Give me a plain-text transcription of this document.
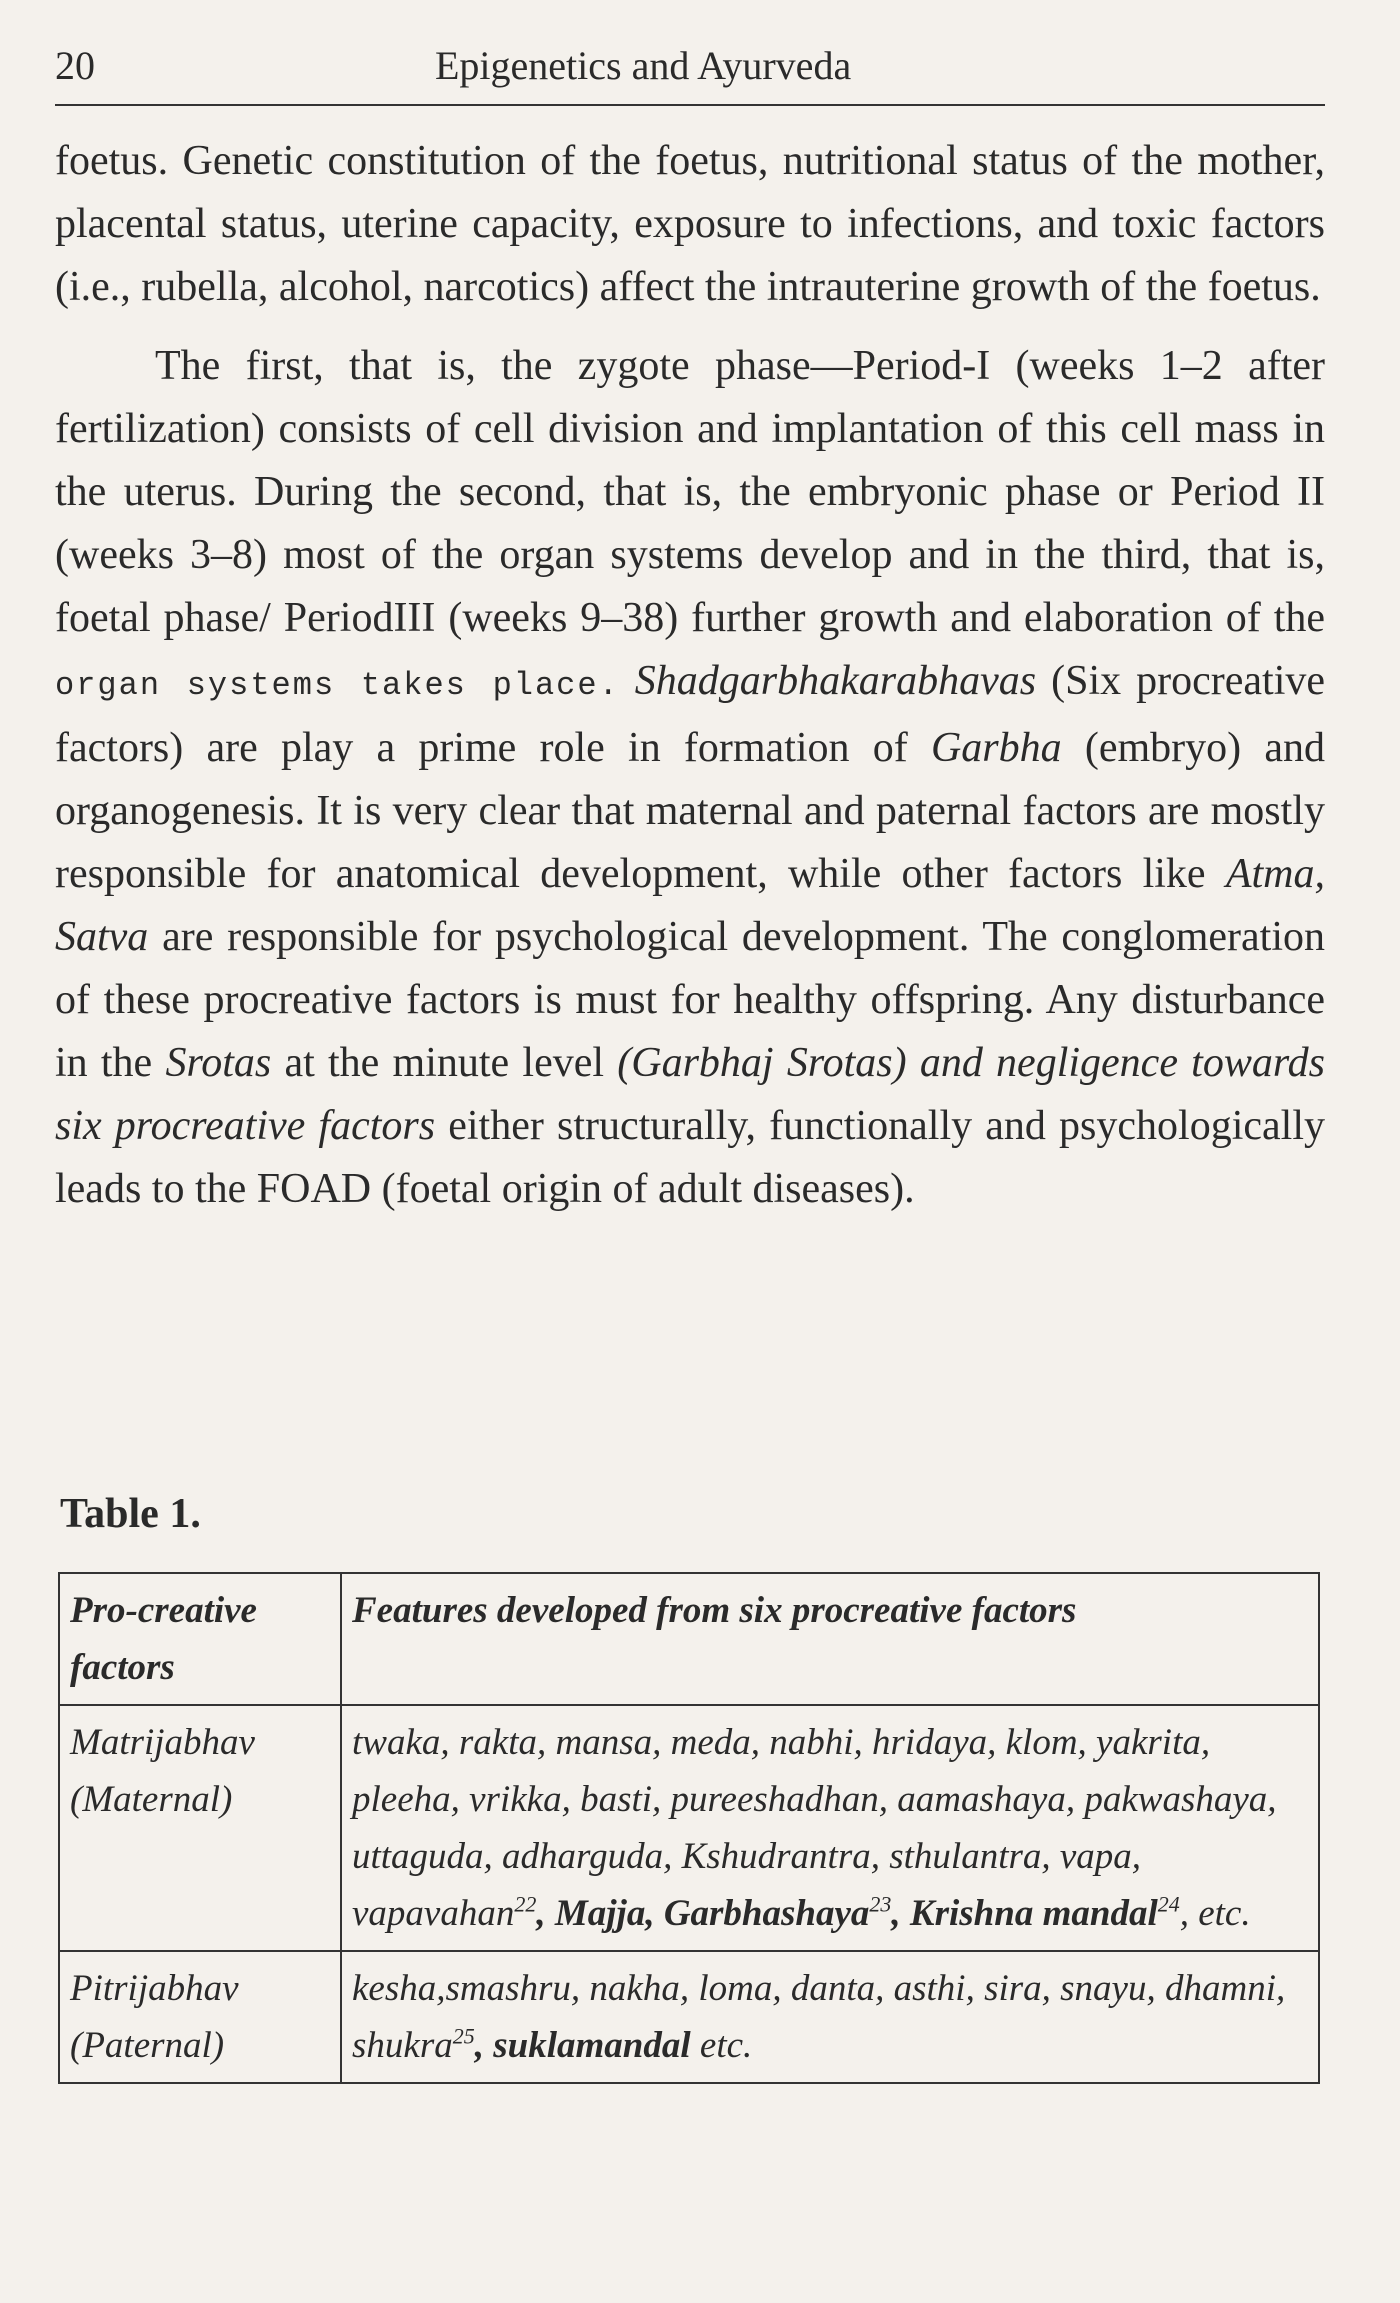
20	Epigenetics and Ayurveda

foetus. Genetic constitution of the foetus, nutritional status of the mother, placental status, uterine capacity, exposure to infections, and toxic factors (i.e., rubella, alcohol, narcotics) affect the intrauterine growth of the foetus.

The first, that is, the zygote phase—Period-I (weeks 1–2 after fertilization) consists of cell division and implantation of this cell mass in the uterus. During the second, that is, the embryonic phase or Period II (weeks 3–8) most of the organ systems develop and in the third, that is, foetal phase/ PeriodIII (weeks 9–38) further growth and elaboration of the organ systems takes place. Shadgarbhakarabhavas (Six procreative factors) are play a prime role in formation of Garbha (embryo) and organogenesis. It is very clear that maternal and paternal factors are mostly responsible for anatomical development, while other factors like Atma, Satva are responsible for psychological development. The conglomeration of these procreative factors is must for healthy offspring. Any disturbance in the Srotas at the minute level (Garbhaj Srotas) and negligence towards six procreative factors either structurally, functionally and psychologically leads to the FOAD (foetal origin of adult diseases).

Table 1.
Pro-creative factors	Features developed from six procreative factors

Matrijabhav
(Maternal)	twaka, rakta, mansa, meda, nabhi, hridaya, klom, yakrita, pleeha, vrikka, basti, pureeshadhan, aamashaya, pakwashaya, uttaguda, adharguda, Kshudrantra, sthulantra, vapa, vapavahan$^{22}$, Majja, Garbhashaya$^{23}$, Krishna mandal$^{24}$, etc.

Pitrijabhav
(Paternal)	kesha,smashru, nakha, loma, danta, asthi, sira, snayu, dhamni, shukra$^{25}$, suklamandal etc.
